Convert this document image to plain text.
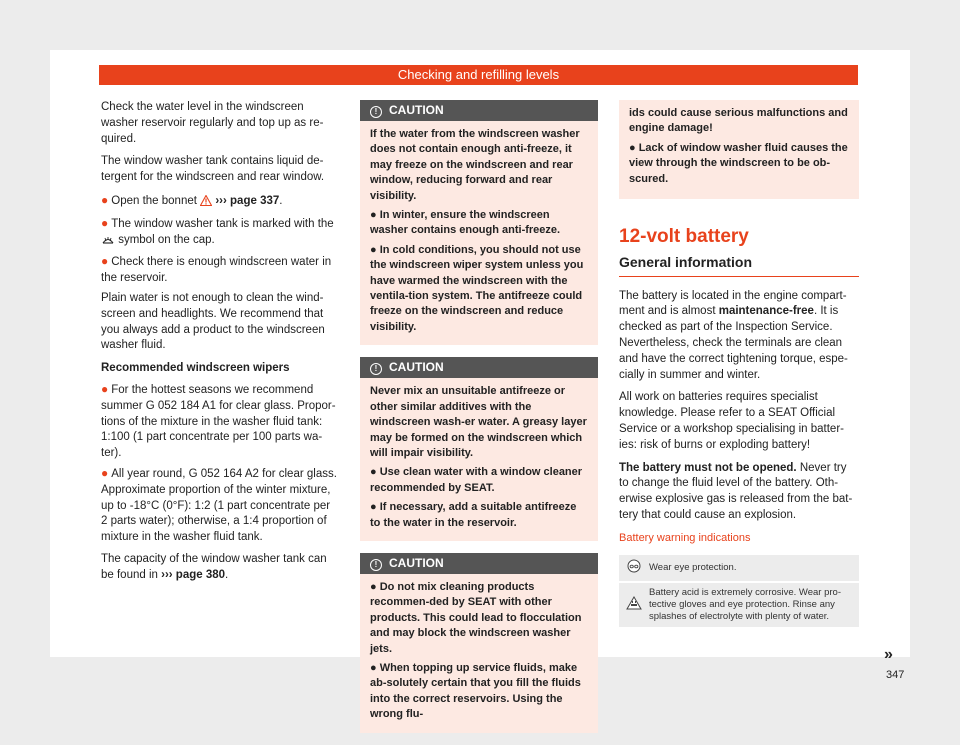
Checking and refilling levels

Check the water level in the windscreen washer reservoir regularly and top up as re-quired.

The window washer tank contains liquid de-tergent for the windscreen and rear window.

● Open the bonnet ››› page 337.

● The window washer tank is marked with the  symbol on the cap.

● Check there is enough windscreen water in the reservoir.

Plain water is not enough to clean the wind-screen and headlights. We recommend that you always add a product to the windscreen washer fluid.

Recommended windscreen wipers

● For the hottest seasons we recommend summer G 052 184 A1 for clear glass. Propor-tions of the mixture in the washer fluid tank: 1:100 (1 part concentrate per 100 parts wa-ter).

● All year round, G 052 164 A2 for clear glass. Approximate proportion of the winter mixture, up to -18°C (0°F): 1:2 (1 part concentrate per 2 parts water); otherwise, a 1:4 proportion of mixture in the washer fluid tank.

The capacity of the window washer tank can be found in ››› page 380.

! CAUTION

If the water from the windscreen washer does not contain enough anti-freeze, it may freeze on the windscreen and rear window, reducing forward and rear visibility.

● In winter, ensure the windscreen washer contains enough anti-freeze.

● In cold conditions, you should not use the windscreen wiper system unless you have warmed the windscreen with the ventila-tion system. The antifreeze could freeze on the windscreen and reduce visibility.

! CAUTION

Never mix an unsuitable antifreeze or other similar additives with the windscreen wash-er water. A greasy layer may be formed on the windscreen which will impair visibility.

● Use clean water with a window cleaner recommended by SEAT.

● If necessary, add a suitable antifreeze to the water in the reservoir.

! CAUTION

● Do not mix cleaning products recommen-ded by SEAT with other products. This could lead to flocculation and may block the windscreen washer jets.

● When topping up service fluids, make ab-solutely certain that you fill the fluids into the correct reservoirs. Using the wrong flu-

ids could cause serious malfunctions and engine damage!

● Lack of window washer fluid causes the view through the windscreen to be ob-scured.

12-volt battery
General information

The battery is located in the engine compart-ment and is almost maintenance-free. It is checked as part of the Inspection Service. Nevertheless, check the terminals are clean and have the correct tightening torque, espe-cially in summer and winter.

All work on batteries requires specialist knowledge. Please refer to a SEAT Official Service or a workshop specialising in batter-ies: risk of burns or exploding battery!

The battery must not be opened. Never try to change the fluid level of the battery. Oth-erwise explosive gas is released from the bat-tery that could cause an explosion.

Battery warning indications
	Wear eye protection.
	Battery acid is extremely corrosive. Wear pro-tective gloves and eye protection. Rinse any splashes of electrolyte with plenty of water.
»
347
